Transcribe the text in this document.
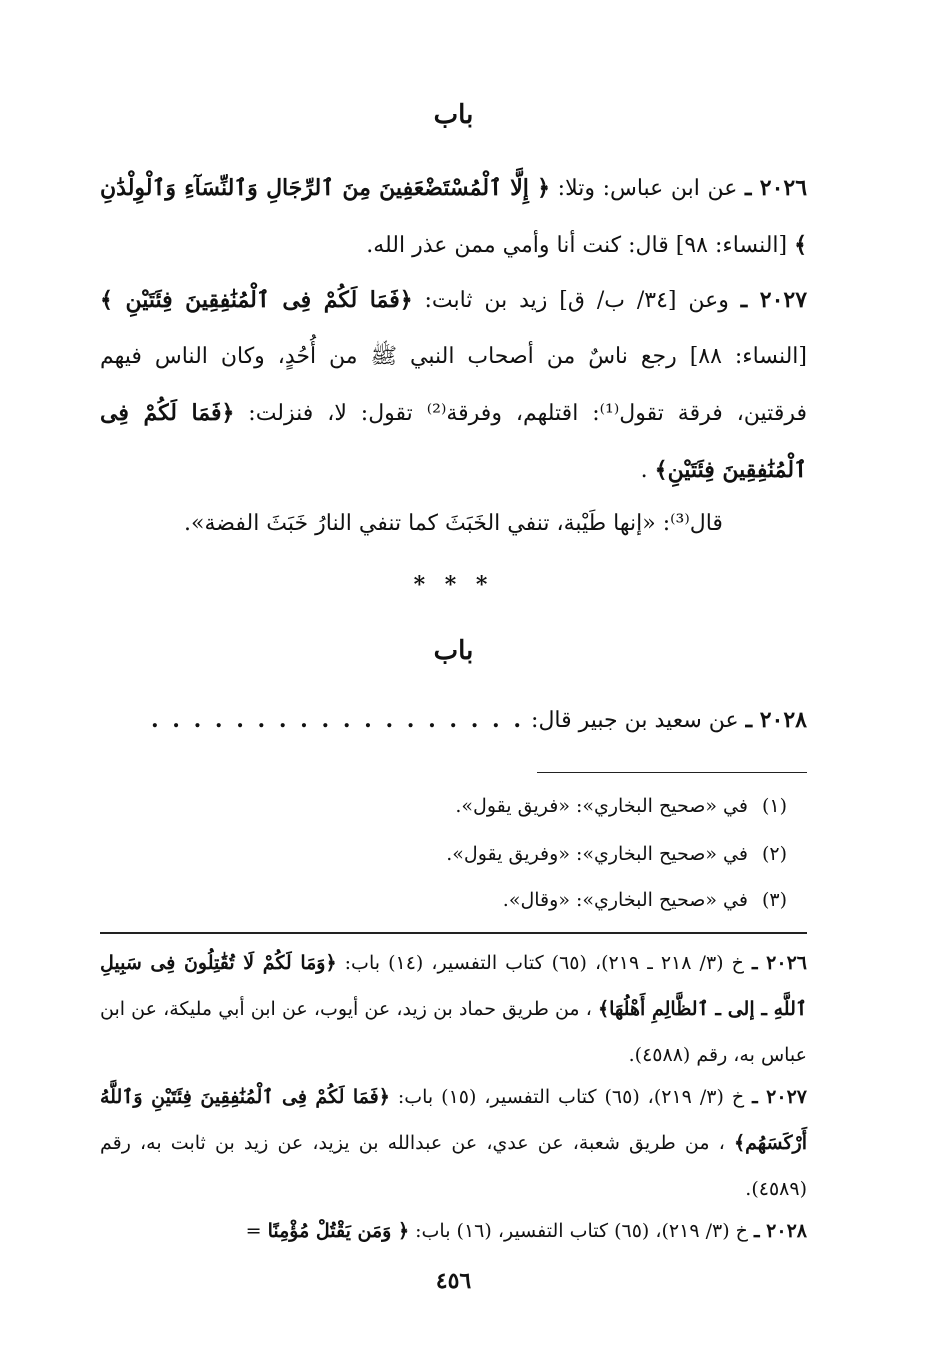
باب
٢٠٢٦ ـ عن ابن عباس: وتلا: ﴿ إِلَّا ٱلْمُسْتَضْعَفِينَ مِنَ ٱلرِّجَالِ وَٱلنِّسَآءِ وَٱلْوِلْدَٰنِ ﴾ [النساء: ٩٨] قال: كنت أنا وأمي ممن عذر الله.
٢٠٢٧ ـ وعن [٣٤/ ب/ ق] زيد بن ثابت: ﴿فَمَا لَكُمْ فِى ٱلْمُنَٰفِقِينَ فِئَتَيْنِ ﴾ [النساء: ٨٨] رجع ناسٌ من أصحاب النبي ﷺ من أُحُدٍ، وكان الناس فيهم فرقتين، فرقة تقول⁽¹⁾: اقتلهم، وفرقة⁽²⁾ تقول: لا، فنزلت: ﴿فَمَا لَكُمْ فِى ٱلْمُنَٰفِقِينَ فِئَتَيْنِ﴾ .
قال⁽³⁾: «إنها طَيْبة، تنفي الخَبَثَ كما تنفي النارُ خَبَثَ الفضة».
* * *
باب
٢٠٢٨ ـ عن سعيد بن جبير قال: . . . . . . . . . . . . . . . . . .
(١)في «صحيح البخاري»: «فريق يقول».
(٢)في «صحيح البخاري»: «وفريق يقول».
(٣)في «صحيح البخاري»: «وقال».
٢٠٢٦ ـ خ (٣/ ٢١٨ ـ ٢١٩)، (٦٥) كتاب التفسير، (١٤) باب: ﴿وَمَا لَكُمْ لَا تُقَٰتِلُونَ فِى سَبِيلِ ٱللَّهِ ـ إلى ـ ٱلظَّالِمِ أَهْلُهَا﴾ ، من طريق حماد بن زيد، عن أيوب، عن ابن أبي مليكة، عن ابن عباس به، رقم (٤٥٨٨).
٢٠٢٧ ـ خ (٣/ ٢١٩)، (٦٥) كتاب التفسير، (١٥) باب: ﴿فَمَا لَكُمْ فِى ٱلْمُنَٰفِقِينَ فِئَتَيْنِ وَٱللَّهُ أَرْكَسَهُم﴾ ، من طريق شعبة، عن عدي، عن عبدالله بن يزيد، عن زيد بن ثابت به، رقم (٤٥٨٩).
٢٠٢٨ ـ خ (٣/ ٢١٩)، (٦٥) كتاب التفسير، (١٦) باب: ﴿ وَمَن يَقْتُلْ مُؤْمِنًا =
٤٥٦
